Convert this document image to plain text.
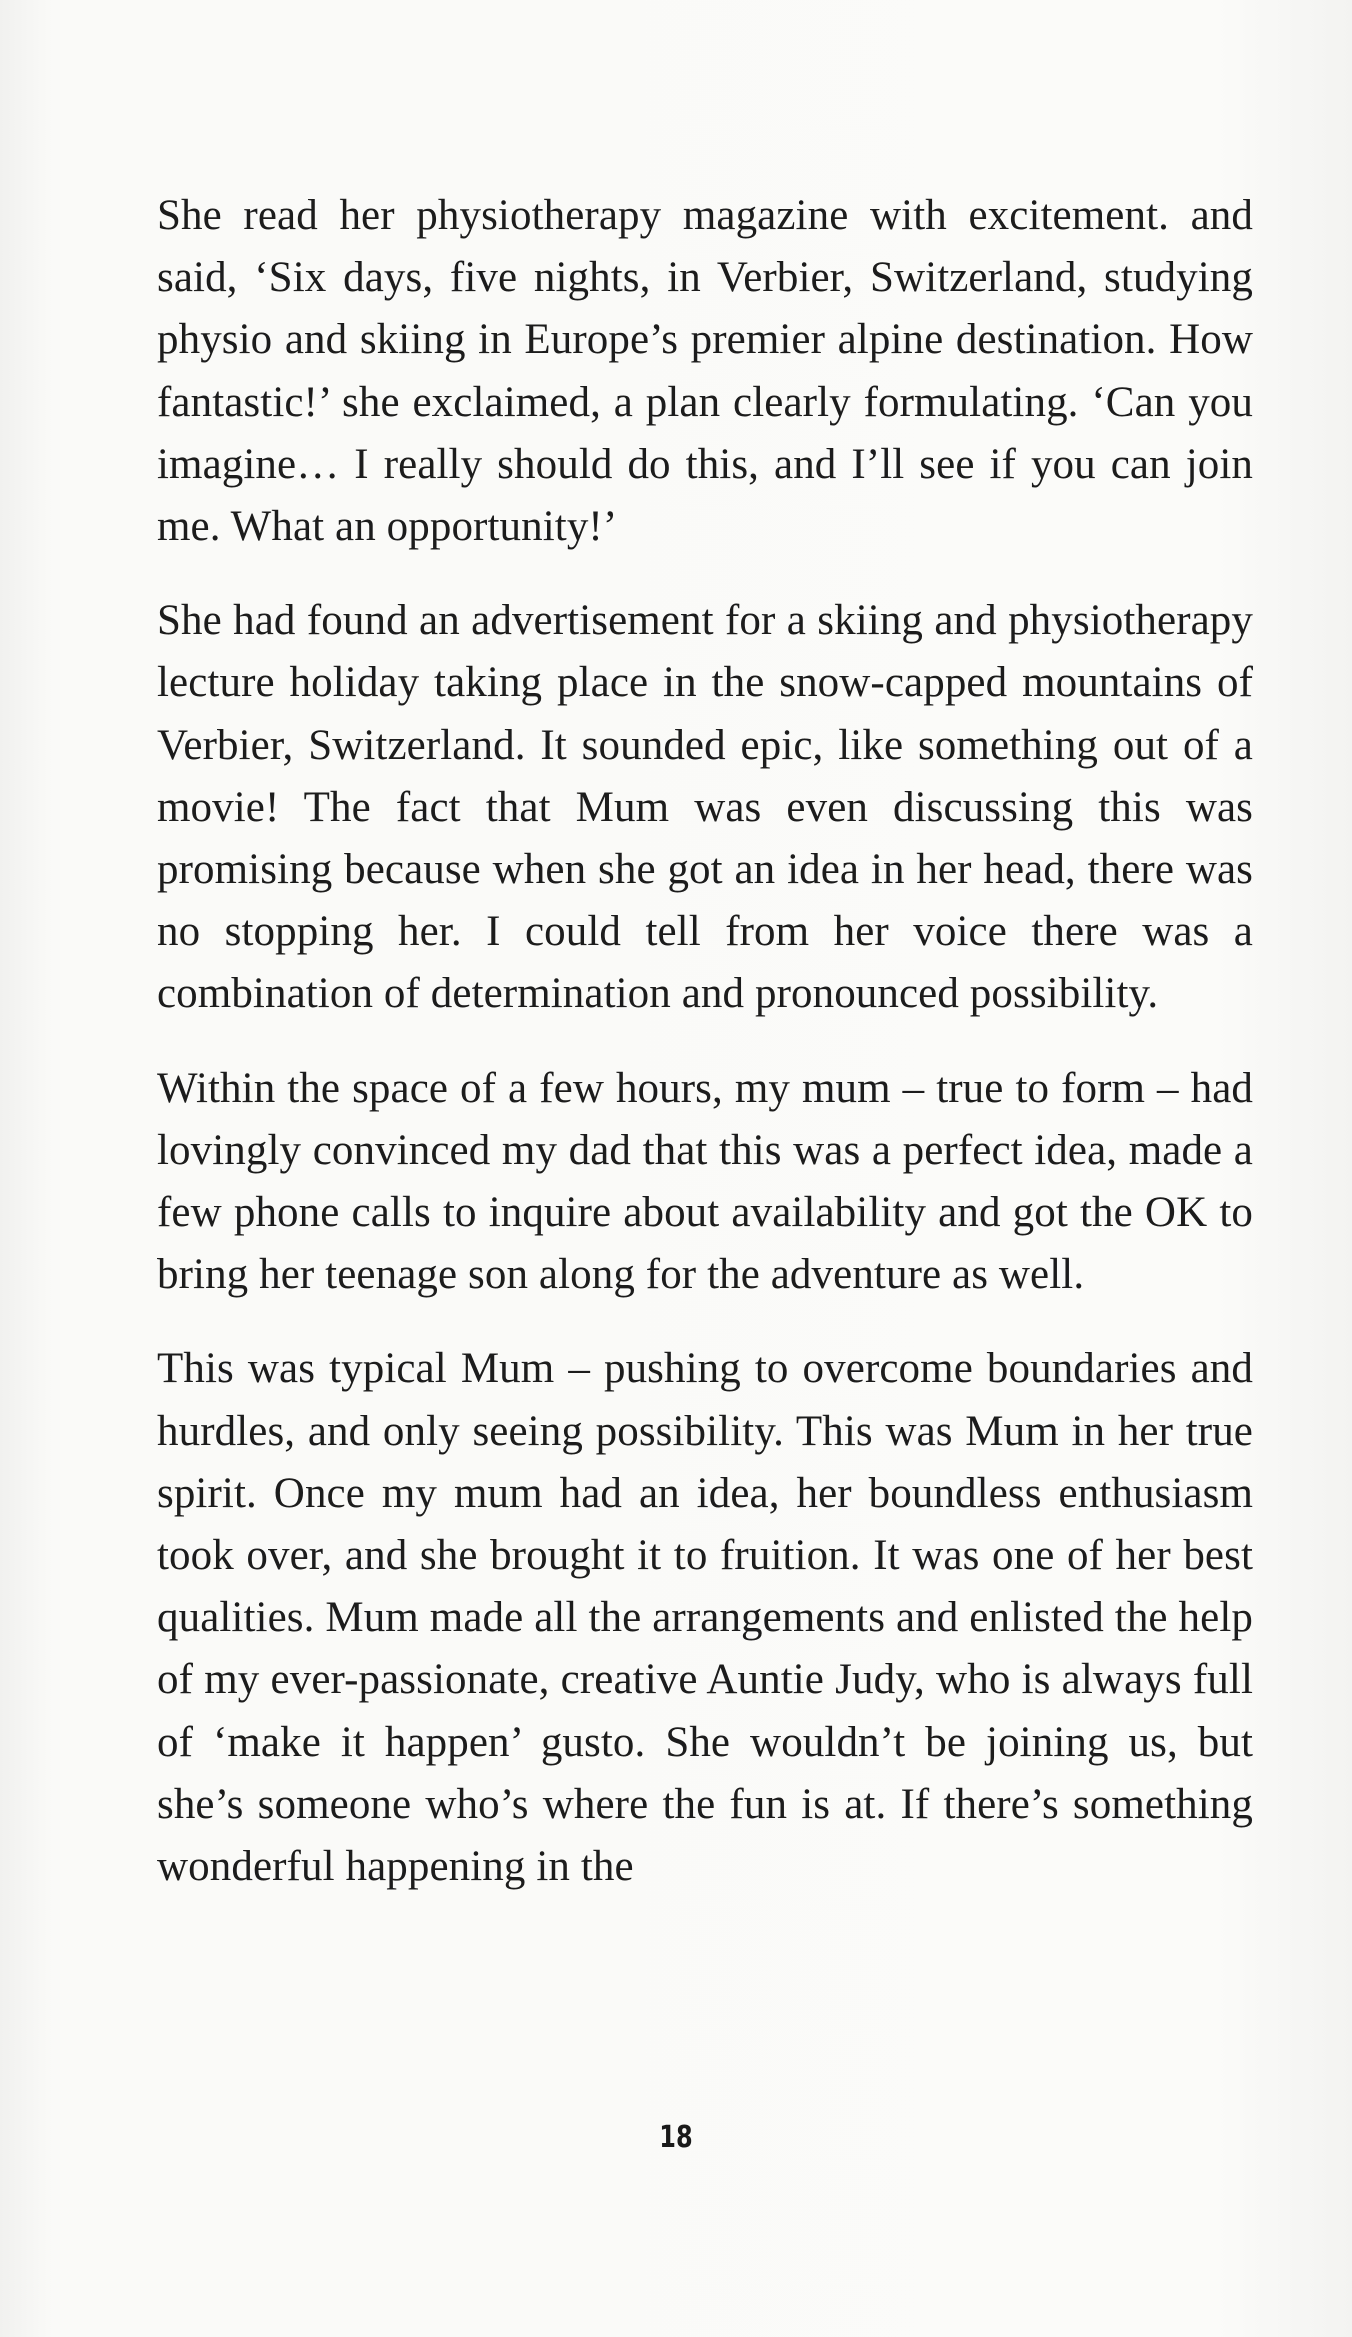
She read her physiotherapy magazine with excitement. and said, ‘Six days, five nights, in Verbier, Switzerland, studying physio and skiing in Europe’s premier alpine destination. How fantastic!’ she exclaimed, a plan clearly formulating. ‘Can you imagine… I really should do this, and I’ll see if you can join me. What an opportunity!’

She had found an advertisement for a skiing and physiotherapy lecture holiday taking place in the snow-capped mountains of Verbier, Switzerland. It sounded epic, like something out of a movie! The fact that Mum was even discussing this was promising because when she got an idea in her head, there was no stopping her. I could tell from her voice there was a combination of determination and pronounced possibility.

Within the space of a few hours, my mum – true to form – had lovingly convinced my dad that this was a perfect idea, made a few phone calls to inquire about availability and got the OK to bring her teenage son along for the adventure as well.

This was typical Mum – pushing to overcome boundaries and hurdles, and only seeing possibility. This was Mum in her true spirit. Once my mum had an idea, her boundless enthusiasm took over, and she brought it to fruition. It was one of her best qualities. Mum made all the arrangements and enlisted the help of my ever-passionate, creative Auntie Judy, who is always full of ‘make it happen’ gusto. She wouldn’t be joining us, but she’s someone who’s where the fun is at. If there’s something wonderful happening in the

18
